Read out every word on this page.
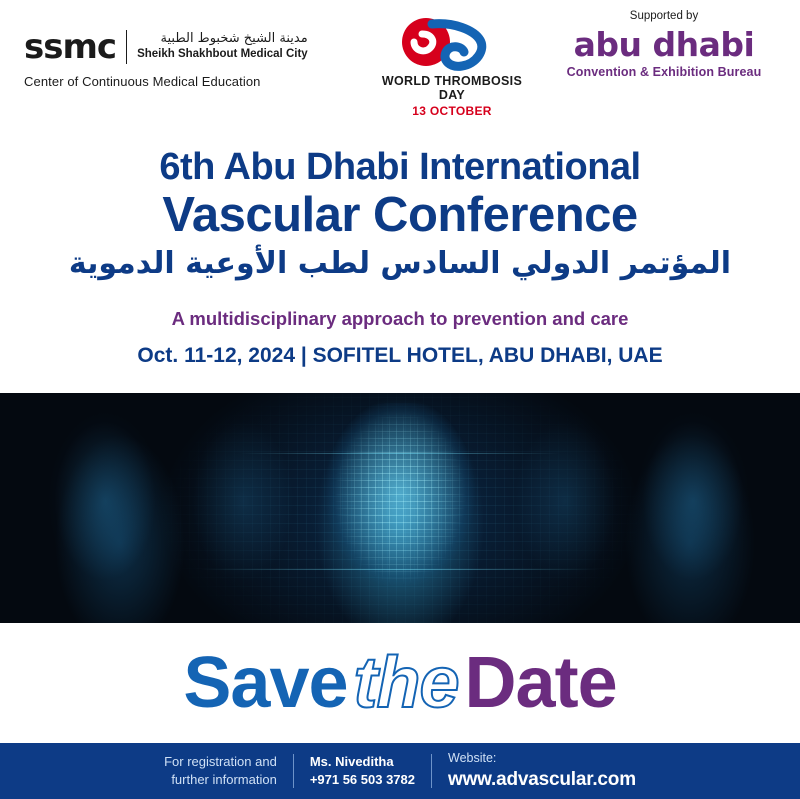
ssmc	مدينة الشيخ شخبوط الطبية
Sheikh Shakhbout Medical City
Center of Continuous Medical Education	WORLD THROMBOSIS DAY
13 OCTOBER
Supported by
abu dhabi
Convention & Exhibition Bureau
6th Abu Dhabi International
Vascular Conference
المؤتمر الدولي السادس لطب الأوعية الدموية
A multidisciplinary approach to prevention and care
Oct. 11-12, 2024 | SOFITEL HOTEL, ABU DHABI, UAE
SavetheDate
For registration and
further information
Ms. Niveditha
+971 56 503 3782
Website:
www.advascular.com
